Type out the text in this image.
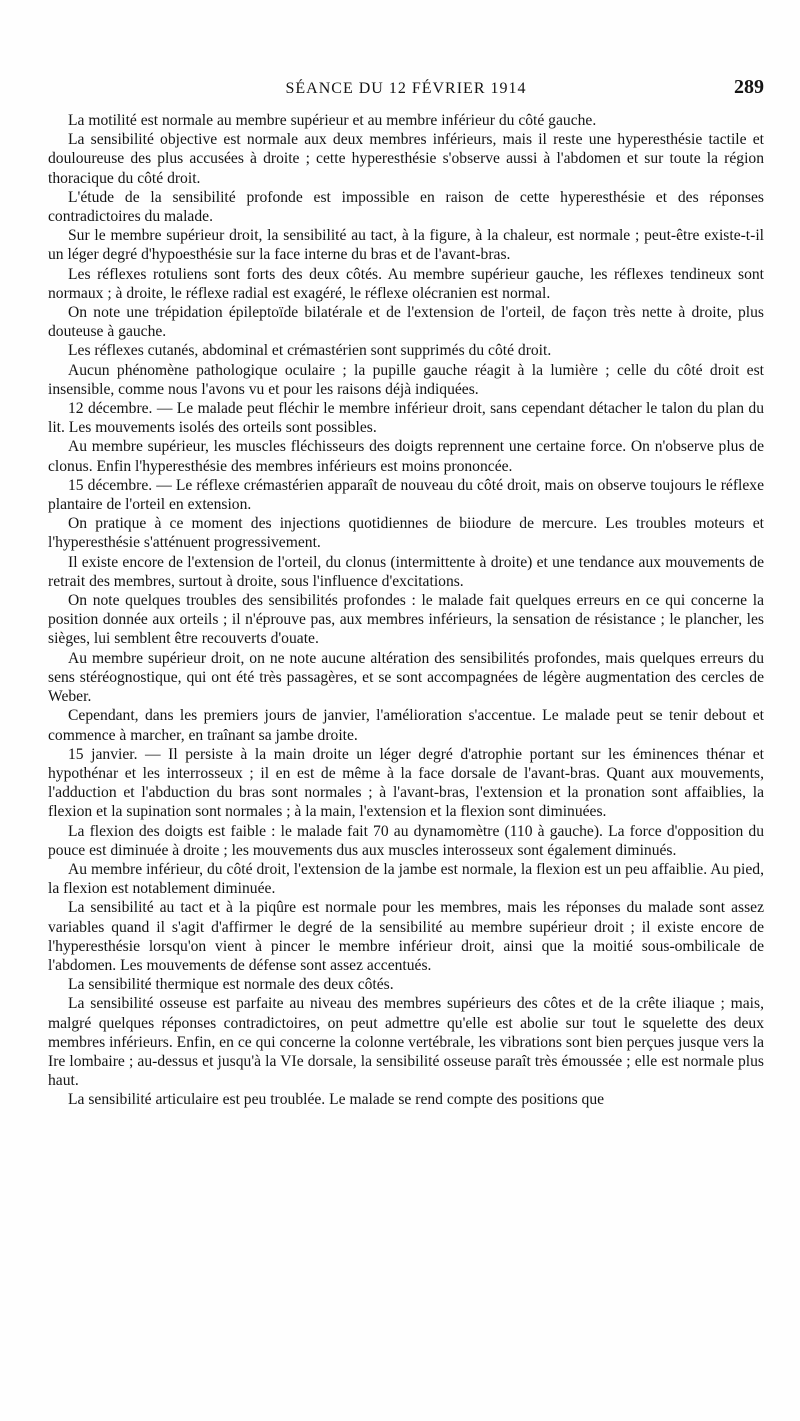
SÉANCE DU 12 FÉVRIER 1914	289

La motilité est normale au membre supérieur et au membre inférieur du côté gauche.

La sensibilité objective est normale aux deux membres inférieurs, mais il reste une hyperesthésie tactile et douloureuse des plus accusées à droite ; cette hyperesthésie s'observe aussi à l'abdomen et sur toute la région thoracique du côté droit.

L'étude de la sensibilité profonde est impossible en raison de cette hyperesthésie et des réponses contradictoires du malade.

Sur le membre supérieur droit, la sensibilité au tact, à la figure, à la chaleur, est normale ; peut-être existe-t-il un léger degré d'hypoesthésie sur la face interne du bras et de l'avant-bras.

Les réflexes rotuliens sont forts des deux côtés. Au membre supérieur gauche, les réflexes tendineux sont normaux ; à droite, le réflexe radial est exagéré, le réflexe olécranien est normal.

On note une trépidation épileptoïde bilatérale et de l'extension de l'orteil, de façon très nette à droite, plus douteuse à gauche.

Les réflexes cutanés, abdominal et crémastérien sont supprimés du côté droit.

Aucun phénomène pathologique oculaire ; la pupille gauche réagit à la lumière ; celle du côté droit est insensible, comme nous l'avons vu et pour les raisons déjà indiquées.

12 décembre. — Le malade peut fléchir le membre inférieur droit, sans cependant détacher le talon du plan du lit. Les mouvements isolés des orteils sont possibles.

Au membre supérieur, les muscles fléchisseurs des doigts reprennent une certaine force. On n'observe plus de clonus. Enfin l'hyperesthésie des membres inférieurs est moins prononcée.

15 décembre. — Le réflexe crémastérien apparaît de nouveau du côté droit, mais on observe toujours le réflexe plantaire de l'orteil en extension.

On pratique à ce moment des injections quotidiennes de biiodure de mercure. Les troubles moteurs et l'hyperesthésie s'atténuent progressivement.

Il existe encore de l'extension de l'orteil, du clonus (intermittente à droite) et une tendance aux mouvements de retrait des membres, surtout à droite, sous l'influence d'excitations.

On note quelques troubles des sensibilités profondes : le malade fait quelques erreurs en ce qui concerne la position donnée aux orteils ; il n'éprouve pas, aux membres inférieurs, la sensation de résistance ; le plancher, les sièges, lui semblent être recouverts d'ouate.

Au membre supérieur droit, on ne note aucune altération des sensibilités profondes, mais quelques erreurs du sens stéréognostique, qui ont été très passagères, et se sont accompagnées de légère augmentation des cercles de Weber.

Cependant, dans les premiers jours de janvier, l'amélioration s'accentue. Le malade peut se tenir debout et commence à marcher, en traînant sa jambe droite.

15 janvier. — Il persiste à la main droite un léger degré d'atrophie portant sur les éminences thénar et hypothénar et les interrosseux ; il en est de même à la face dorsale de l'avant-bras. Quant aux mouvements, l'adduction et l'abduction du bras sont normales ; à l'avant-bras, l'extension et la pronation sont affaiblies, la flexion et la supination sont normales ; à la main, l'extension et la flexion sont diminuées.

La flexion des doigts est faible : le malade fait 70 au dynamomètre (110 à gauche). La force d'opposition du pouce est diminuée à droite ; les mouvements dus aux muscles interosseux sont également diminués.

Au membre inférieur, du côté droit, l'extension de la jambe est normale, la flexion est un peu affaiblie. Au pied, la flexion est notablement diminuée.

La sensibilité au tact et à la piqûre est normale pour les membres, mais les réponses du malade sont assez variables quand il s'agit d'affirmer le degré de la sensibilité au membre supérieur droit ; il existe encore de l'hyperesthésie lorsqu'on vient à pincer le membre inférieur droit, ainsi que la moitié sous-ombilicale de l'abdomen. Les mouvements de défense sont assez accentués.

La sensibilité thermique est normale des deux côtés.

La sensibilité osseuse est parfaite au niveau des membres supérieurs des côtes et de la crête iliaque ; mais, malgré quelques réponses contradictoires, on peut admettre qu'elle est abolie sur tout le squelette des deux membres inférieurs. Enfin, en ce qui concerne la colonne vertébrale, les vibrations sont bien perçues jusque vers la Ire lombaire ; au-dessus et jusqu'à la VIe dorsale, la sensibilité osseuse paraît très émoussée ; elle est normale plus haut.

La sensibilité articulaire est peu troublée. Le malade se rend compte des positions que
